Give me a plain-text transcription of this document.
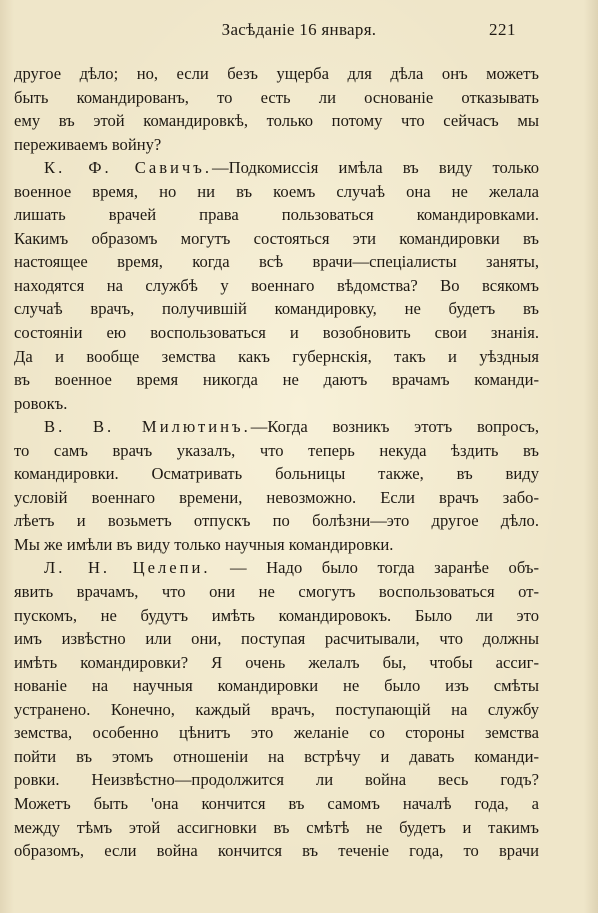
Засѣданіе 16 января.	221
другое дѣло; но, если безъ ущерба для дѣла онъ можетъ
быть командированъ, то есть ли основаніе отказывать
ему въ этой командировкѣ, только потому что сейчасъ мы
переживаемъ войну?
К. Ф. Савичъ.—Подкомиссія имѣла въ виду только
военное время, но ни въ коемъ случаѣ она не желала
лишать врачей права пользоваться командировками.
Какимъ образомъ могутъ состояться эти командировки въ
настоящее время, когда всѣ врачи—спеціалисты заняты,
находятся на службѣ у военнаго вѣдомства? Во всякомъ
случаѣ врачъ, получившій командировку, не будетъ въ
состояніи ею воспользоваться и возобновить свои знанія.
Да и вообще земства какъ губернскія, такъ и уѣздныя
въ военное время никогда не даютъ врачамъ команди-
ровокъ.
В. В. Милютинъ.—Когда возникъ этотъ вопросъ,
то самъ врачъ указалъ, что теперь некуда ѣздить въ
командировки. Осматривать больницы также, въ виду
условій военнаго времени, невозможно. Если врачъ забо-
лѣетъ и возьметъ отпускъ по болѣзни—это другое дѣло.
Мы же имѣли въ виду только научныя командировки.
Л. Н. Целепи. — Надо было тогда заранѣе объ-
явить врачамъ, что они не смогутъ воспользоваться от-
пускомъ, не будутъ имѣть командировокъ. Было ли это
имъ извѣстно или они, поступая расчитывали, что должны
имѣть командировки? Я очень желалъ бы, чтобы ассиг-
нованіе на научныя командировки не было изъ смѣты
устранено. Конечно, каждый врачъ, поступающій на службу
земства, особенно цѣнитъ это желаніе со стороны земства
пойти въ этомъ отношеніи на встрѣчу и давать команди-
ровки. Неизвѣстно—продолжится ли война весь годъ?
Можетъ быть 'она кончится въ самомъ началѣ года, а
между тѣмъ этой ассигновки въ смѣтѣ не будетъ и такимъ
образомъ, если война кончится въ теченіе года, то врачи
